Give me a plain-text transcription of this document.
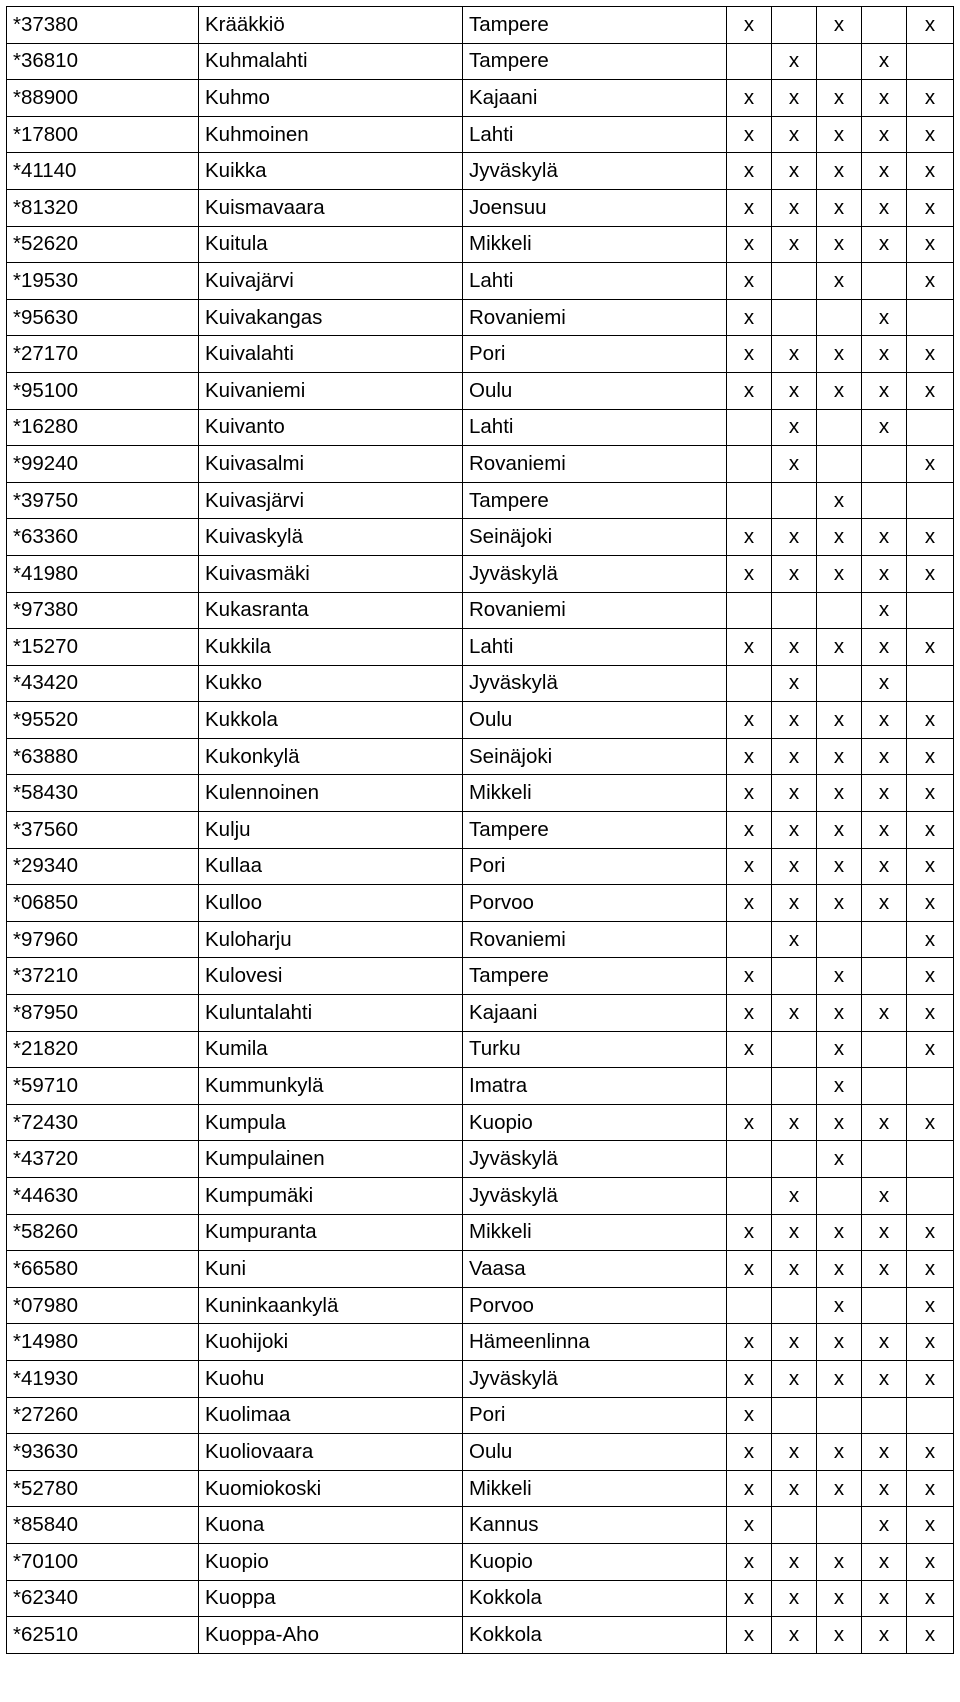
*37380	Krääkkiö	Tampere	x		x		x
*36810	Kuhmalahti	Tampere		x		x	
*88900	Kuhmo	Kajaani	x	x	x	x	x
*17800	Kuhmoinen	Lahti	x	x	x	x	x
*41140	Kuikka	Jyväskylä	x	x	x	x	x
*81320	Kuismavaara	Joensuu	x	x	x	x	x
*52620	Kuitula	Mikkeli	x	x	x	x	x
*19530	Kuivajärvi	Lahti	x		x		x
*95630	Kuivakangas	Rovaniemi	x			x	
*27170	Kuivalahti	Pori	x	x	x	x	x
*95100	Kuivaniemi	Oulu	x	x	x	x	x
*16280	Kuivanto	Lahti		x		x	
*99240	Kuivasalmi	Rovaniemi		x			x
*39750	Kuivasjärvi	Tampere			x		
*63360	Kuivaskylä	Seinäjoki	x	x	x	x	x
*41980	Kuivasmäki	Jyväskylä	x	x	x	x	x
*97380	Kukasranta	Rovaniemi				x	
*15270	Kukkila	Lahti	x	x	x	x	x
*43420	Kukko	Jyväskylä		x		x	
*95520	Kukkola	Oulu	x	x	x	x	x
*63880	Kukonkylä	Seinäjoki	x	x	x	x	x
*58430	Kulennoinen	Mikkeli	x	x	x	x	x
*37560	Kulju	Tampere	x	x	x	x	x
*29340	Kullaa	Pori	x	x	x	x	x
*06850	Kulloo	Porvoo	x	x	x	x	x
*97960	Kuloharju	Rovaniemi		x			x
*37210	Kulovesi	Tampere	x		x		x
*87950	Kuluntalahti	Kajaani	x	x	x	x	x
*21820	Kumila	Turku	x		x		x
*59710	Kummunkylä	Imatra			x		
*72430	Kumpula	Kuopio	x	x	x	x	x
*43720	Kumpulainen	Jyväskylä			x		
*44630	Kumpumäki	Jyväskylä		x		x	
*58260	Kumpuranta	Mikkeli	x	x	x	x	x
*66580	Kuni	Vaasa	x	x	x	x	x
*07980	Kuninkaankylä	Porvoo			x		x
*14980	Kuohijoki	Hämeenlinna	x	x	x	x	x
*41930	Kuohu	Jyväskylä	x	x	x	x	x
*27260	Kuolimaa	Pori	x				
*93630	Kuoliovaara	Oulu	x	x	x	x	x
*52780	Kuomiokoski	Mikkeli	x	x	x	x	x
*85840	Kuona	Kannus	x			x	x
*70100	Kuopio	Kuopio	x	x	x	x	x
*62340	Kuoppa	Kokkola	x	x	x	x	x
*62510	Kuoppa-Aho	Kokkola	x	x	x	x	x
